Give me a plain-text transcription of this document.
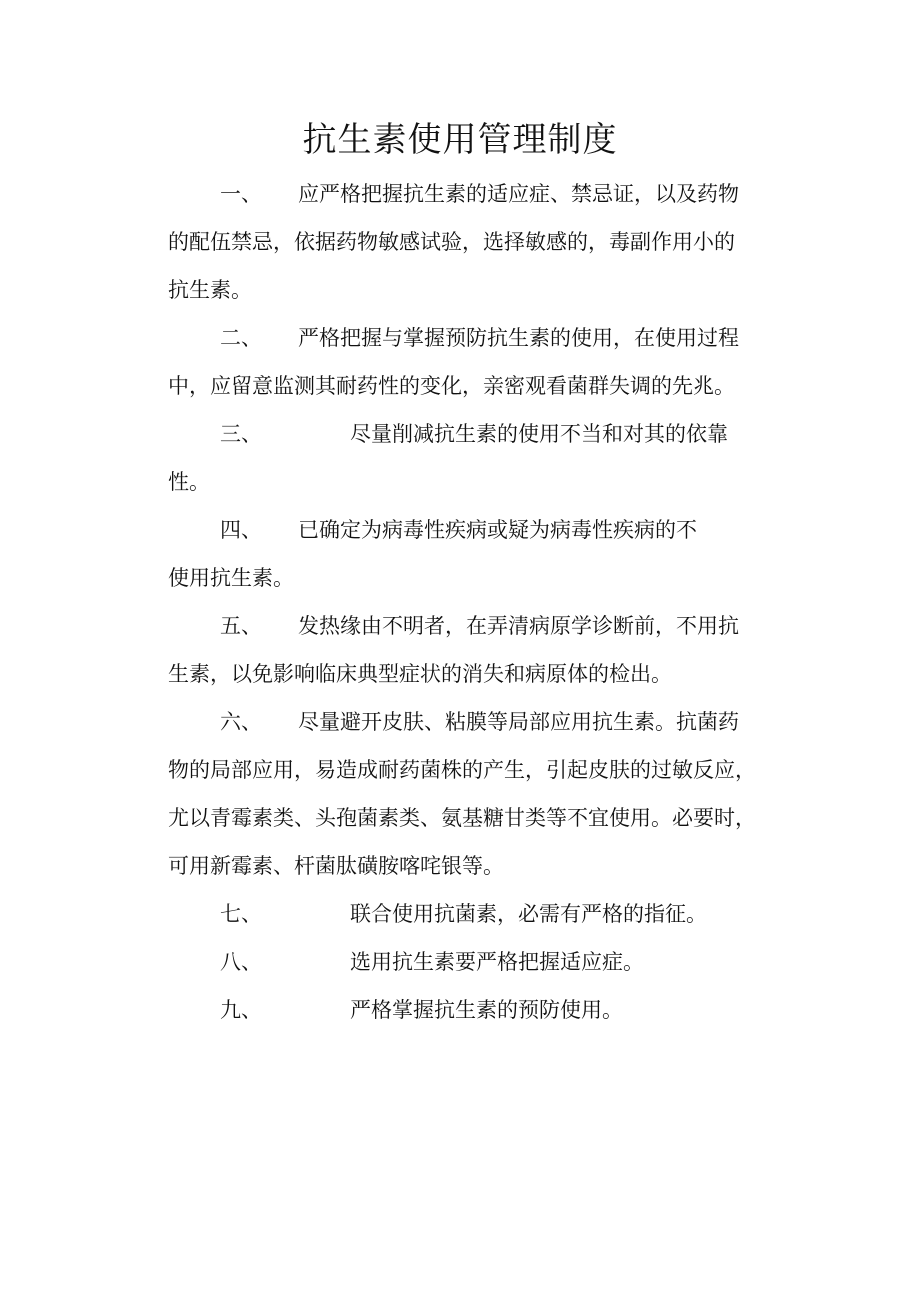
抗生素使用管理制度
一、 应严格把握抗生素的适应症、禁忌证，以及药物
的配伍禁忌，依据药物敏感试验，选择敏感的，毒副作用小的
抗生素。
二、 严格把握与掌握预防抗生素的使用，在使用过程
中，应留意监测其耐药性的变化，亲密观看菌群失调的先兆。
三、	尽量削减抗生素的使用不当和对其的依靠
性。
四、 已确定为病毒性疾病或疑为病毒性疾病的不
使用抗生素。
五、 发热缘由不明者，在弄清病原学诊断前，不用抗
生素，以免影响临床典型症状的消失和病原体的检出。
六、 尽量避开皮肤、粘膜等局部应用抗生素。抗菌药
物的局部应用，易造成耐药菌株的产生，引起皮肤的过敏反应，
尤以青霉素类、头孢菌素类、氨基糖甘类等不宜使用。必要时，
可用新霉素、杆菌肽磺胺喀咤银等。
七、	联合使用抗菌素，必需有严格的指征。
八、	选用抗生素要严格把握适应症。
九、	严格掌握抗生素的预防使用。
